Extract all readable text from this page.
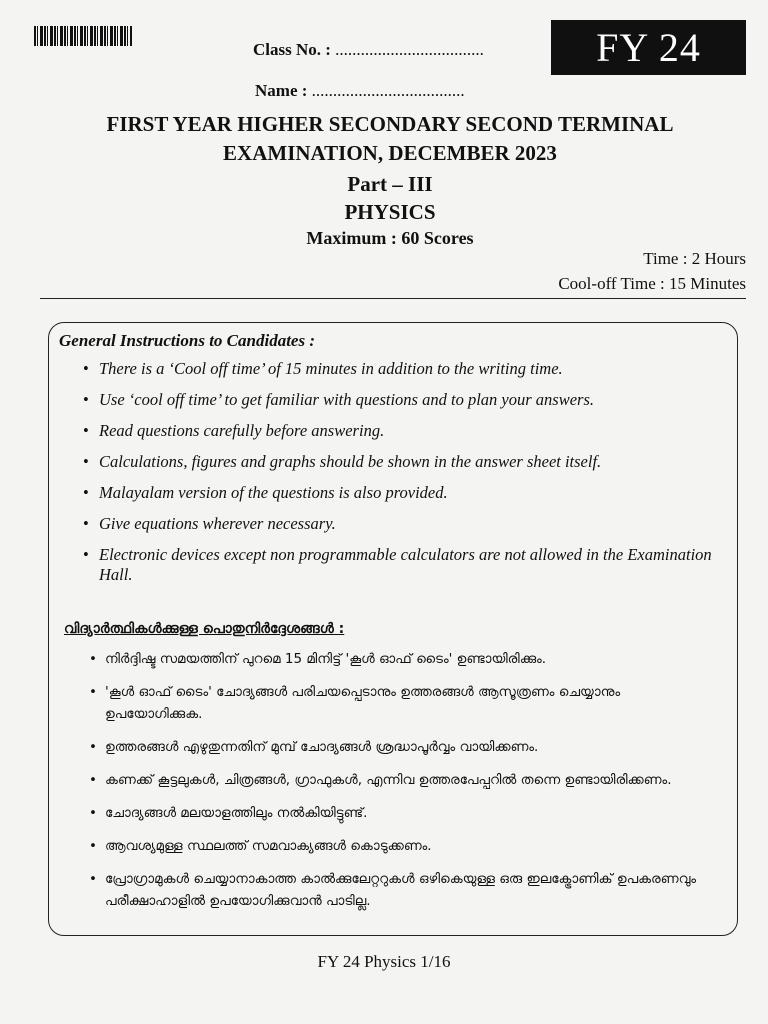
FY 24
Class No. : ...................................
Name : ....................................
FIRST YEAR HIGHER SECONDARY SECOND TERMINAL
EXAMINATION, DECEMBER 2023
Part – III
PHYSICS
Maximum : 60 Scores
Time : 2 Hours
Cool-off Time : 15 Minutes
General Instructions to Candidates :
• There is a ‘Cool off time’ of 15 minutes in addition to the writing time.
• Use ‘cool off time’ to get familiar with questions and to plan your answers.
• Read questions carefully before answering.
• Calculations, figures and graphs should be shown in the answer sheet itself.
• Malayalam version of the questions is also provided.
• Give equations wherever necessary.
• Electronic devices except non programmable calculators are not allowed in the Examination Hall.
വിദ്യാർത്ഥികൾക്കുള്ള പൊതുനിർദ്ദേശങ്ങൾ :
• നിർദ്ദിഷ്ട സമയത്തിന് പുറമെ 15 മിനിട്ട് 'കൂൾ ഓഫ് ടൈം' ഉണ്ടായിരിക്കും.
• 'കൂൾ ഓഫ് ടൈം' ചോദ്യങ്ങൾ പരിചയപ്പെടാനും ഉത്തരങ്ങൾ ആസൂത്രണം ചെയ്യാനും ഉപയോഗിക്കുക.
• ഉത്തരങ്ങൾ എഴുതുന്നതിന് മുമ്പ് ചോദ്യങ്ങൾ ശ്രദ്ധാപൂർവ്വം വായിക്കണം.
• കണക്ക് കൂട്ടലുകൾ, ചിത്രങ്ങൾ, ഗ്രാഫുകൾ, എന്നിവ ഉത്തരപേപ്പറിൽ തന്നെ ഉണ്ടായിരിക്കണം.
• ചോദ്യങ്ങൾ മലയാളത്തിലും നൽകിയിട്ടുണ്ട്.
• ആവശ്യമുള്ള സ്ഥലത്ത് സമവാക്യങ്ങൾ കൊടുക്കണം.
• പ്രോഗ്രാമുകൾ ചെയ്യാനാകാത്ത കാൽക്കുലേറ്ററുകൾ ഒഴികെയുള്ള ഒരു ഇലക്ട്രോണിക് ഉപകരണവും പരീക്ഷാഹാളിൽ ഉപയോഗിക്കുവാൻ പാടില്ല.
FY 24 Physics 1/16
